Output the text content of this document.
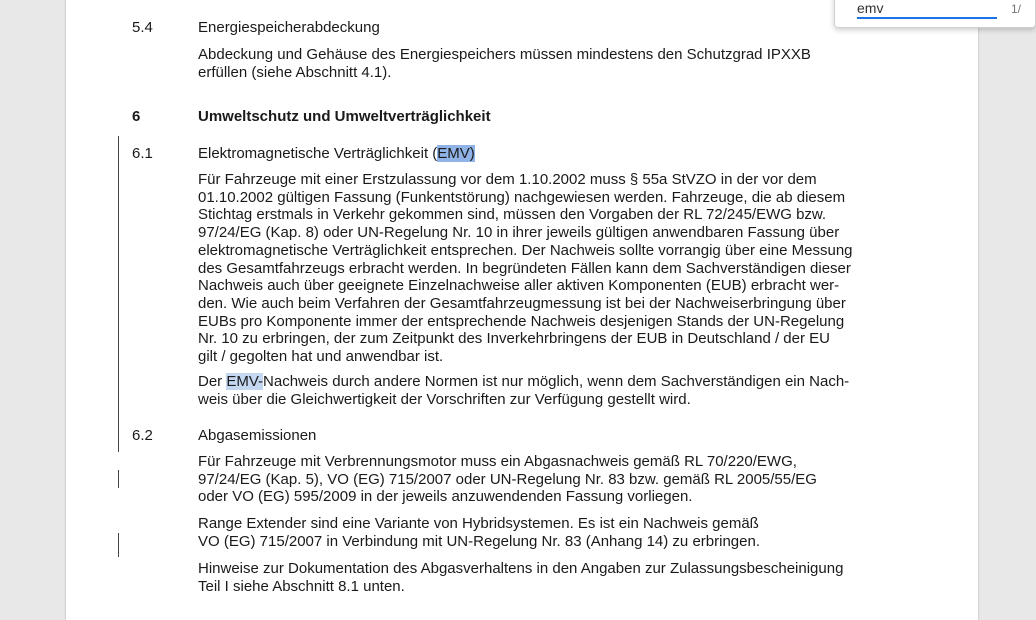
5.4	Energiespeicherabdeckung
Abdeckung und Gehäuse des Energiespeichers müssen mindestens den Schutzgrad IPXXB
erfüllen (siehe Abschnitt 4.1).
6	Umweltschutz und Umweltverträglichkeit
6.1	Elektromagnetische Verträglichkeit (EMV)
Für Fahrzeuge mit einer Erstzulassung vor dem 1.10.2002 muss § 55a StVZO in der vor dem
01.10.2002 gültigen Fassung (Funkentstörung) nachgewiesen werden. Fahrzeuge, die ab diesem
Stichtag erstmals in Verkehr gekommen sind, müssen den Vorgaben der RL 72/245/EWG bzw.
97/24/EG (Kap. 8) oder UN-Regelung Nr. 10 in ihrer jeweils gültigen anwendbaren Fassung über
elektromagnetische Verträglichkeit entsprechen. Der Nachweis sollte vorrangig über eine Messung
des Gesamtfahrzeugs erbracht werden. In begründeten Fällen kann dem Sachverständigen dieser
Nachweis auch über geeignete Einzelnachweise aller aktiven Komponenten (EUB) erbracht wer-
den. Wie auch beim Verfahren der Gesamtfahrzeugmessung ist bei der Nachweiserbringung über
EUBs pro Komponente immer der entsprechende Nachweis desjenigen Stands der UN-Regelung
Nr. 10 zu erbringen, der zum Zeitpunkt des Inverkehrbringens der EUB in Deutschland / der EU
gilt / gegolten hat und anwendbar ist.
Der EMV-Nachweis durch andere Normen ist nur möglich, wenn dem Sachverständigen ein Nach-
weis über die Gleichwertigkeit der Vorschriften zur Verfügung gestellt wird.
6.2	Abgasemissionen
Für Fahrzeuge mit Verbrennungsmotor muss ein Abgasnachweis gemäß RL 70/220/EWG,
97/24/EG (Kap. 5), VO (EG) 715/2007 oder UN-Regelung Nr. 83 bzw. gemäß RL 2005/55/EG
oder VO (EG) 595/2009 in der jeweils anzuwendenden Fassung vorliegen.
Range Extender sind eine Variante von Hybridsystemen. Es ist ein Nachweis gemäß
VO (EG) 715/2007 in Verbindung mit UN-Regelung Nr. 83 (Anhang 14) zu erbringen.
Hinweise zur Dokumentation des Abgasverhaltens in den Angaben zur Zulassungsbescheinigung
Teil I siehe Abschnitt 8.1 unten.
emv
1/
